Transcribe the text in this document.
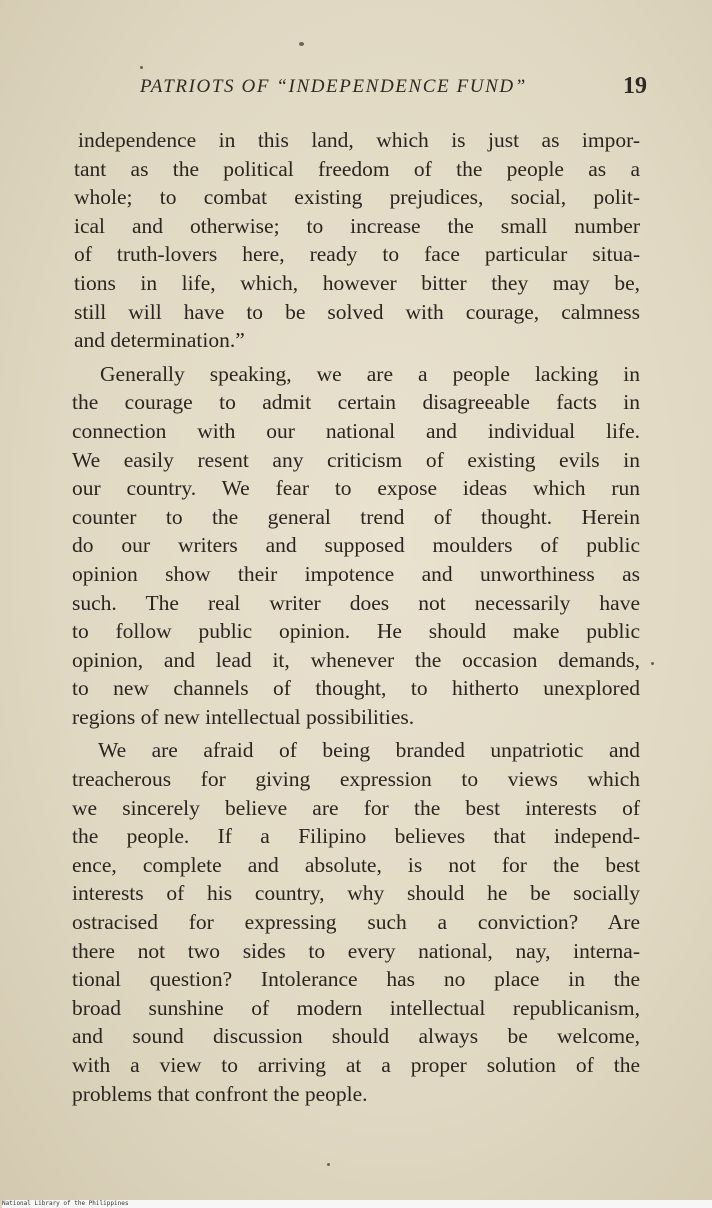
PATRIOTS OF “INDEPENDENCE FUND”	19

independence in this land, which is just as impor-
tant as the political freedom of the people as a
whole; to combat existing prejudices, social, polit-
ical and otherwise; to increase the small number
of truth-lovers here, ready to face particular situa-
tions in life, which, however bitter they may be,
still will have to be solved with courage, calmness
and determination.”

Generally speaking, we are a people lacking in
the courage to admit certain disagreeable facts in
connection with our national and individual life.
We easily resent any criticism of existing evils in
our country. We fear to expose ideas which run
counter to the general trend of thought. Herein
do our writers and supposed moulders of public
opinion show their impotence and unworthiness as
such. The real writer does not necessarily have
to follow public opinion. He should make public
opinion, and lead it, whenever the occasion demands,
to new channels of thought, to hitherto unexplored
regions of new intellectual possibilities.

We are afraid of being branded unpatriotic and
treacherous for giving expression to views which
we sincerely believe are for the best interests of
the people. If a Filipino believes that independ-
ence, complete and absolute, is not for the best
interests of his country, why should he be socially
ostracised for expressing such a conviction? Are
there not two sides to every national, nay, interna-
tional question? Intolerance has no place in the
broad sunshine of modern intellectual republicanism,
and sound discussion should always be welcome,
with a view to arriving at a proper solution of the
problems that confront the people.

National Library of the Philippines
